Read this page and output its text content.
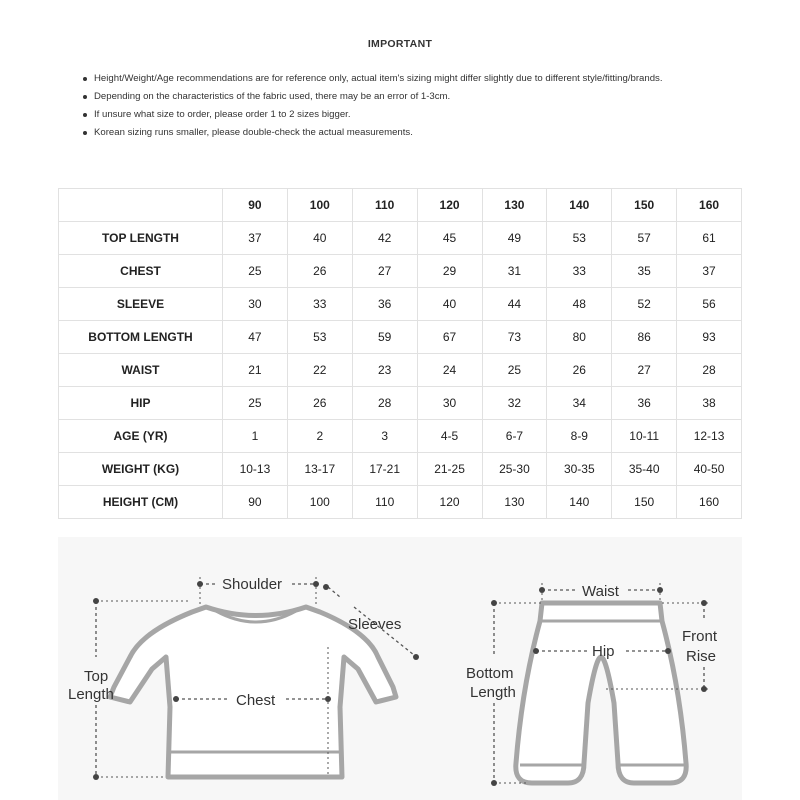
IMPORTANT
Height/Weight/Age recommendations are for reference only, actual item's sizing might differ slightly due to different style/fitting/brands.
Depending on the characteristics of the fabric used, there may be an error of 1-3cm.
If unsure what size to order, please order 1 to 2 sizes bigger.
Korean sizing runs smaller, please double-check the actual measurements.
	90	100	110	120	130	140	150	160
TOP LENGTH	37	40	42	45	49	53	57	61
CHEST	25	26	27	29	31	33	35	37
SLEEVE	30	33	36	40	44	48	52	56
BOTTOM LENGTH	47	53	59	67	73	80	86	93
WAIST	21	22	23	24	25	26	27	28
HIP	25	26	28	30	32	34	36	38
AGE (YR)	1	2	3	4-5	6-7	8-9	10-11	12-13
WEIGHT (KG)	10-13	13-17	17-21	21-25	25-30	30-35	35-40	40-50
HEIGHT (CM)	90	100	110	120	130	140	150	160
Shoulder
Sleeves
Top
Length	Chest
Waist
Hip
Bottom
Length
Front
Rise
